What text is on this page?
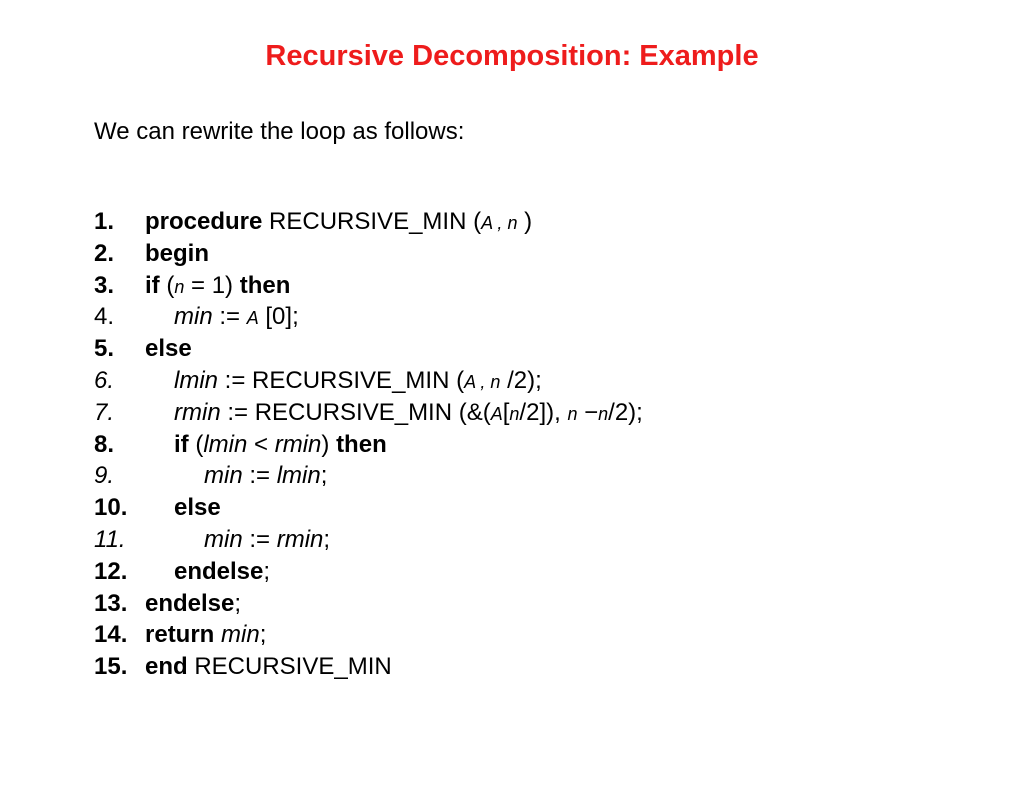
Recursive Decomposition: Example

We can rewrite the loop as follows:

1. procedure RECURSIVE_MIN (A , n )
2. begin
3. if (n = 1) then
4. min := A [0];
5. else
6. lmin := RECURSIVE_MIN (A , n /2);
7. rmin := RECURSIVE_MIN (&(A[n/2]), n −n/2);
8. if (lmin < rmin) then
9.	min := lmin;
10. else
11.	min := rmin;
12. endelse;
13. endelse;
14. return min;
15. end RECURSIVE_MIN
